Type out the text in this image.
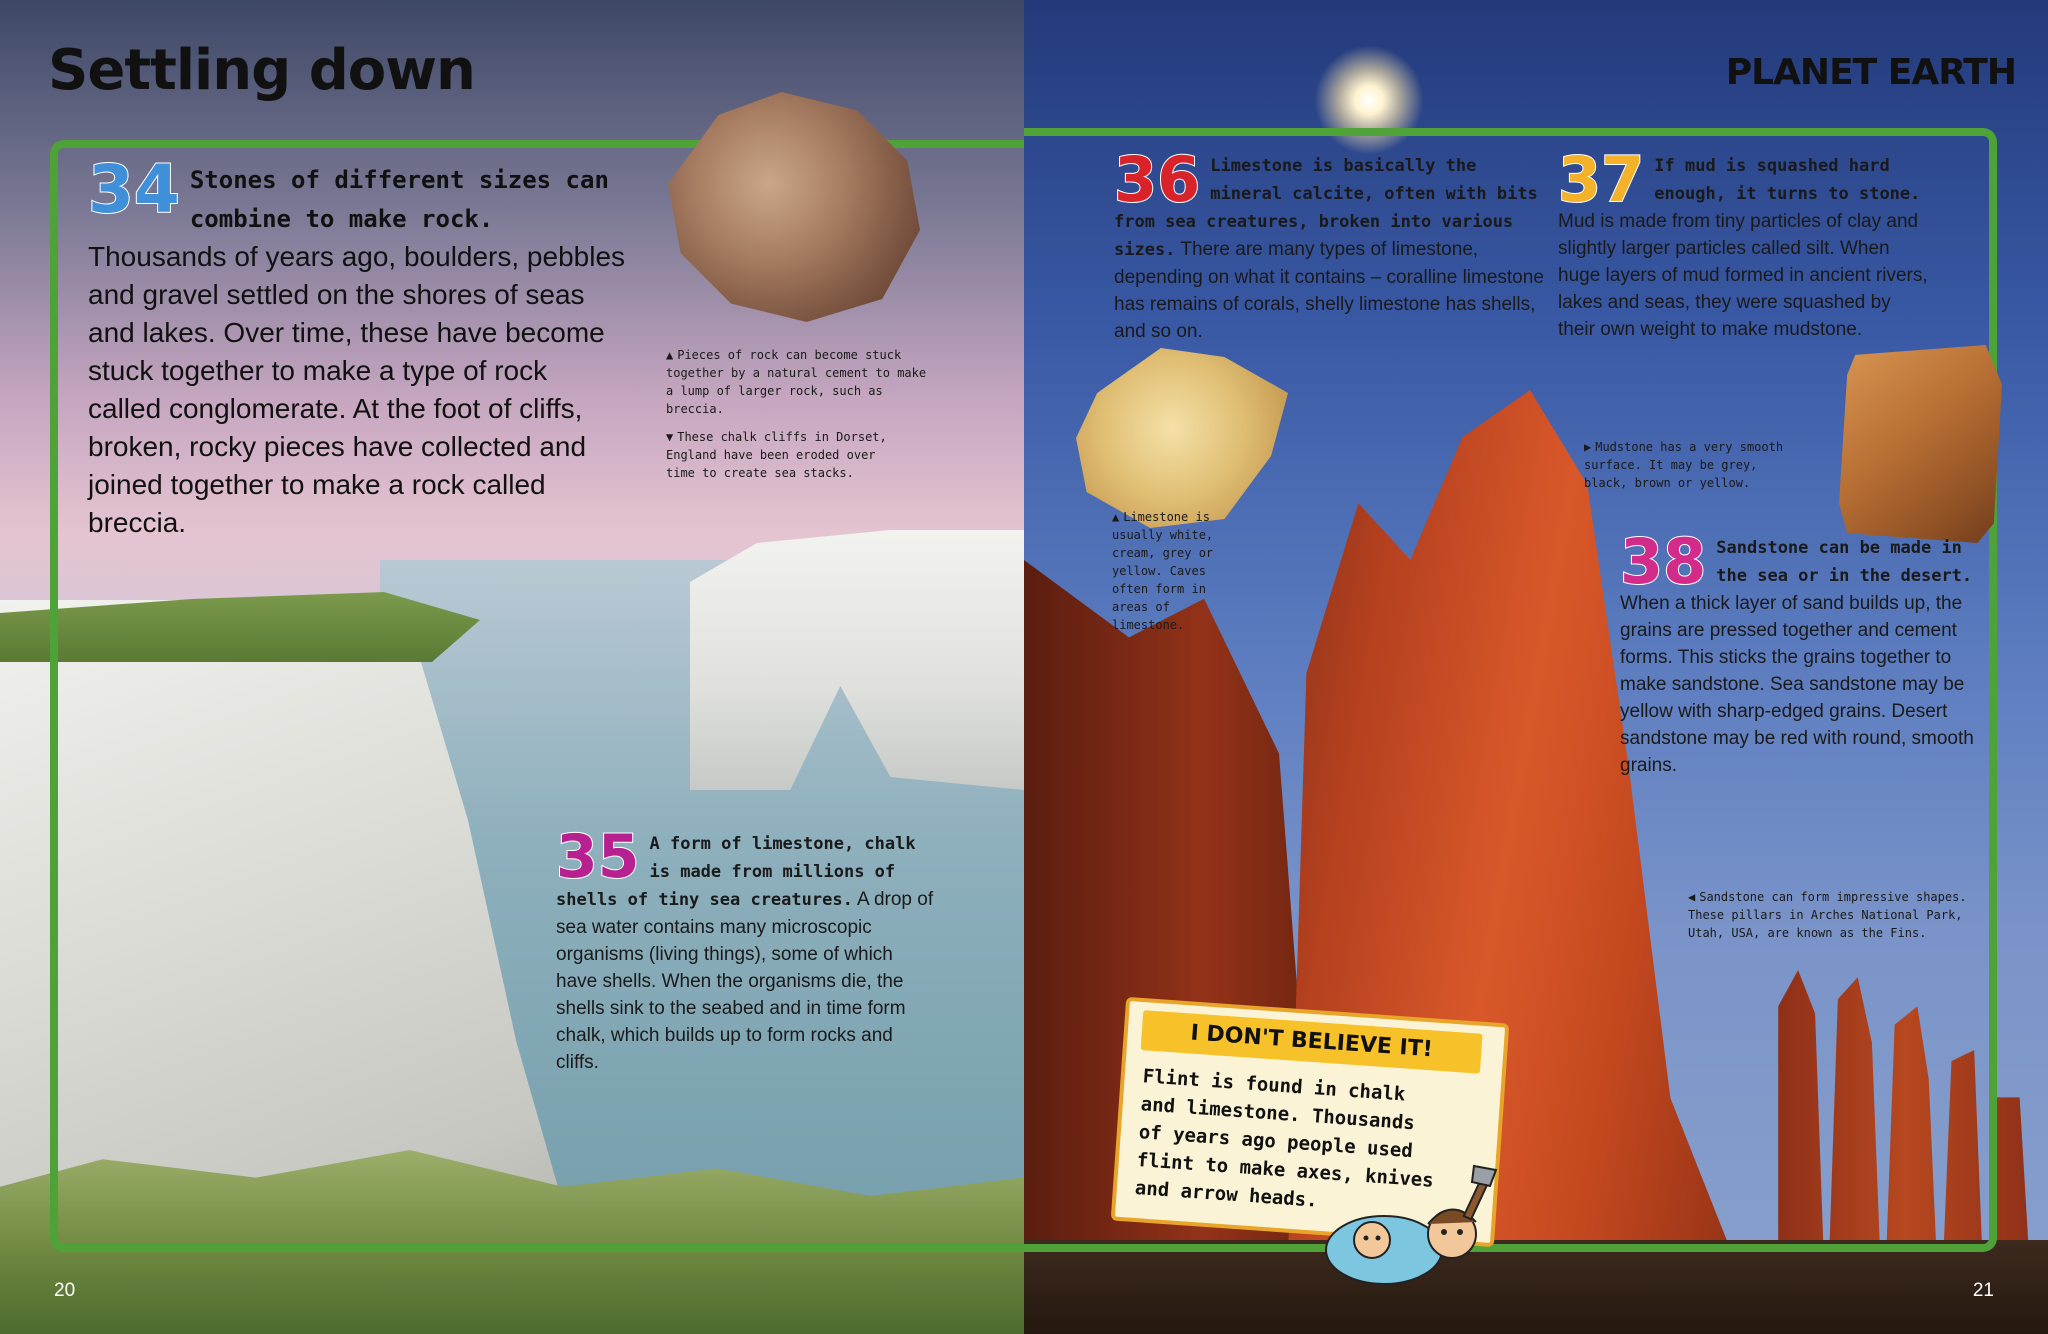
Settling down
34 Stones of different sizes can combine to make rock. Thousands of years ago, boulders, pebbles and gravel settled on the shores of seas and lakes. Over time, these have become stuck together to make a type of rock called conglomerate. At the foot of cliffs, broken, rocky pieces have collected and joined together to make a rock called breccia.
▲ Pieces of rock can become stuck together by a natural cement to make a lump of larger rock, such as breccia.
▼ These chalk cliffs in Dorset, England have been eroded over time to create sea stacks.
35 A form of limestone, chalk is made from millions of shells of tiny sea creatures. A drop of sea water contains many microscopic organisms (living things), some of which have shells. When the organisms die, the shells sink to the seabed and in time form chalk, which builds up to form rocks and cliffs.
20
PLANET EARTH
36 Limestone is basically the mineral calcite, often with bits from sea creatures, broken into various sizes. There are many types of limestone, depending on what it contains – coralline limestone has remains of corals, shelly limestone has shells, and so on.
▲ Limestone is usually white, cream, grey or yellow. Caves often form in areas of limestone.
37 If mud is squashed hard enough, it turns to stone. Mud is made from tiny particles of clay and slightly larger particles called silt. When huge layers of mud formed in ancient rivers, lakes and seas, they were squashed by their own weight to make mudstone.
▶ Mudstone has a very smooth surface. It may be grey, black, brown or yellow.
38 Sandstone can be made in the sea or in the desert. When a thick layer of sand builds up, the grains are pressed together and cement forms. This sticks the grains together to make sandstone. Sea sandstone may be yellow with sharp-edged grains. Desert sandstone may be red with round, smooth grains.
◀ Sandstone can form impressive shapes. These pillars in Arches National Park, Utah, USA, are known as the Fins.
I DON'T BELIEVE IT!

Flint is found in chalk and limestone. Thousands of years ago people used flint to make axes, knives and arrow heads.

21
